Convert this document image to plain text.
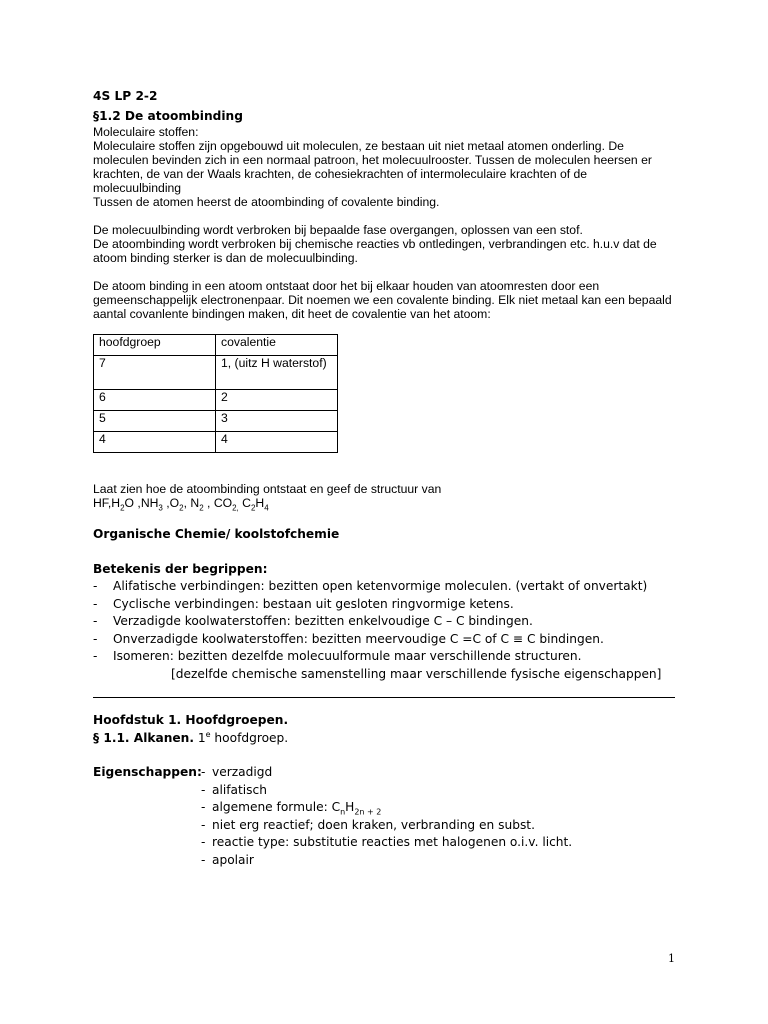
4S LP 2-2

§1.2 De atoombinding

Moleculaire stoffen:

Moleculaire stoffen zijn opgebouwd uit moleculen, ze bestaan uit niet metaal atomen onderling. De moleculen bevinden zich in een normaal patroon, het molecuulrooster. Tussen de moleculen heersen er krachten, de van der Waals krachten, de cohesiekrachten of intermoleculaire krachten of de molecuulbinding

Tussen de atomen heerst de atoombinding of covalente binding.

De molecuulbinding wordt verbroken bij bepaalde fase overgangen, oplossen van een stof.

De atoombinding wordt verbroken bij chemische reacties vb ontledingen, verbrandingen etc. h.u.v dat de atoom binding sterker is dan de molecuulbinding.

De atoom binding in een atoom ontstaat door het bij elkaar houden van atoomresten door een gemeenschappelijk electronenpaar. Dit noemen we een covalente binding. Elk niet metaal kan een bepaald aantal covanlente bindingen maken, dit heet de covalentie van het atoom:

hoofdgroep	covalentie
7	1, (uitz H waterstof)
6	2
5	3
4	4

Laat zien hoe de atoombinding ontstaat en geef de structuur van

$HF,H_2O$ $,NH_3$ $,O_2$, $N_2$ , $CO_{2,}$ $C_2H_4$

Organische Chemie/ koolstofchemie

Betekenis der begrippen:

- Alifatische verbindingen: bezitten open ketenvormige moleculen. (vertakt of onvertakt)
- Cyclische verbindingen: bestaan uit gesloten ringvormige ketens.
- Verzadigde koolwaterstoffen: bezitten enkelvoudige C – C bindingen.
- Onverzadigde koolwaterstoffen: bezitten meervoudige C =C of C ≡ C bindingen.
- Isomeren: bezitten dezelfde molecuulformule maar verschillende structuren.

[dezelfde chemische samenstelling maar verschillende fysische eigenschappen]

Hoofdstuk 1. Hoofdgroepen.

§ 1.1. Alkanen. 1e hoofdgroep.

Eigenschappen: - verzadigd
- alifatisch
- algemene formule: $C_nH_{2n + 2}$
- niet erg reactief; doen kraken, verbranding en subst.
- reactie type: substitutie reacties met halogenen o.i.v. licht.
- apolair
1
